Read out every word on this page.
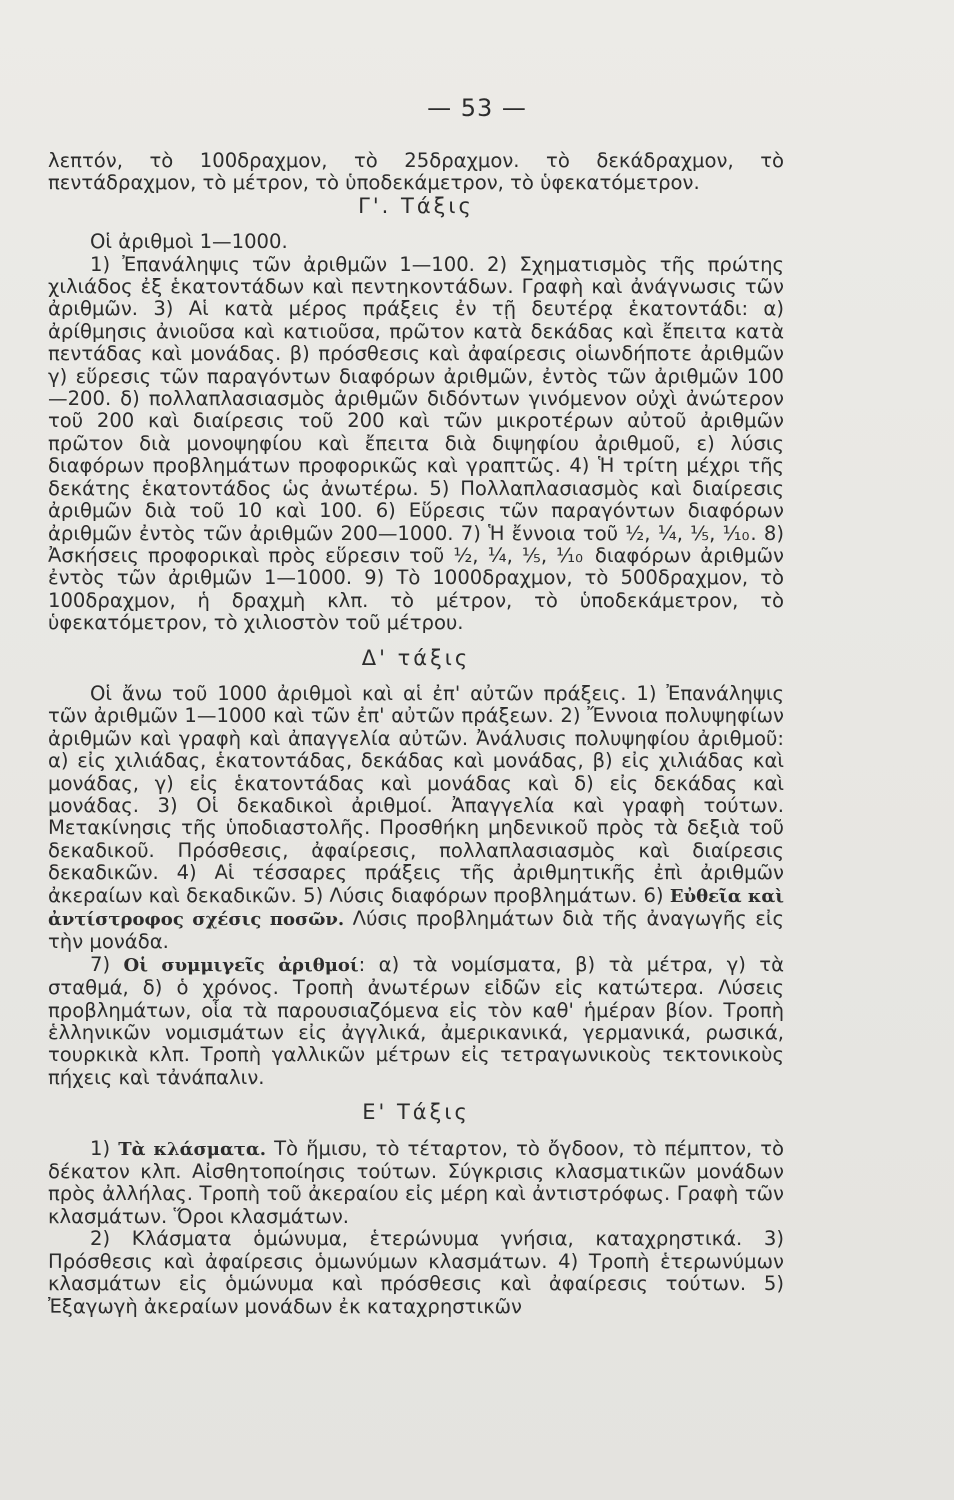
— 53 —

λεπτόν, τὸ 100δραχμον, τὸ 25δραχμον. τὸ δεκάδραχμον, τὸ πεντάδραχμον, τὸ μέτρον, τὸ ὑποδεκάμετρον, τὸ ὑφεκατόμετρον.

Γ'. Τάξις

Οἱ ἀριθμοὶ 1—1000.

1) Ἐπανάληψις τῶν ἀριθμῶν 1—100. 2) Σχηματισμὸς τῆς πρώτης χιλιάδος ἐξ ἑκατοντάδων καὶ πεντηκοντάδων. Γραφὴ καὶ ἀνάγνωσις τῶν ἀριθμῶν. 3) Αἱ κατὰ μέρος πράξεις ἐν τῇ δευτέρᾳ ἑκατοντάδι: α) ἀρίθμησις ἀνιοῦσα καὶ κατιοῦσα, πρῶτον κατὰ δεκάδας καὶ ἔπειτα κατὰ πεντάδας καὶ μονάδας. β) πρόσθεσις καὶ ἀφαίρεσις οἱωνδήποτε ἀριθμῶν γ) εὕρεσις τῶν παραγόντων διαφόρων ἀριθμῶν, ἐντὸς τῶν ἀριθμῶν 100—200. δ) πολλαπλασιασμὸς ἀριθμῶν διδόντων γινόμενον οὐχὶ ἀνώτερον τοῦ 200 καὶ διαίρεσις τοῦ 200 καὶ τῶν μικροτέρων αὐτοῦ ἀριθμῶν πρῶτον διὰ μονοψηφίου καὶ ἔπειτα διὰ διψηφίου ἀριθμοῦ, ε) λύσις διαφόρων προβλημάτων προφορικῶς καὶ γραπτῶς. 4) Ἡ τρίτη μέχρι τῆς δεκάτης ἑκατοντάδος ὡς ἀνωτέρω. 5) Πολλαπλασιασμὸς καὶ διαίρεσις ἀριθμῶν διὰ τοῦ 10 καὶ 100. 6) Εὕρεσις τῶν παραγόντων διαφόρων ἀριθμῶν ἐντὸς τῶν ἀριθμῶν 200—1000. 7) Ἡ ἔννοια τοῦ ½, ¼, ⅕, ⅒. 8) Ἀσκήσεις προφορικαὶ πρὸς εὕρεσιν τοῦ ½, ¼, ⅕, ⅒ διαφόρων ἀριθμῶν ἐντὸς τῶν ἀριθμῶν 1—1000. 9) Τὸ 1000δραχμον, τὸ 500δραχμον, τὸ 100δραχμον, ἡ δραχμὴ κλπ. τὸ μέτρον, τὸ ὑποδεκάμετρον, τὸ ὑφεκατόμετρον, τὸ χιλιοστὸν τοῦ μέτρου.

Δ' τάξις

Οἱ ἄνω τοῦ 1000 ἀριθμοὶ καὶ αἱ ἐπ' αὐτῶν πράξεις. 1) Ἐπανάληψις τῶν ἀριθμῶν 1—1000 καὶ τῶν ἐπ' αὐτῶν πράξεων. 2) Ἔννοια πολυψηφίων ἀριθμῶν καὶ γραφὴ καὶ ἀπαγγελία αὐτῶν. Ἀνάλυσις πολυψηφίου ἀριθμοῦ: α) εἰς χιλιάδας, ἑκατοντάδας, δεκάδας καὶ μονάδας, β) εἰς χιλιάδας καὶ μονάδας, γ) εἰς ἑκατοντάδας καὶ μονάδας καὶ δ) εἰς δεκάδας καὶ μονάδας. 3) Οἱ δεκαδικοὶ ἀριθμοί. Ἀπαγγελία καὶ γραφὴ τούτων. Μετακίνησις τῆς ὑποδιαστολῆς. Προσθήκη μηδενικοῦ πρὸς τὰ δεξιὰ τοῦ δεκαδικοῦ. Πρόσθεσις, ἀφαίρεσις, πολλαπλασιασμὸς καὶ διαίρεσις δεκαδικῶν. 4) Αἱ τέσσαρες πράξεις τῆς ἀριθμητικῆς ἐπὶ ἀριθμῶν ἀκεραίων καὶ δεκαδικῶν. 5) Λύσις διαφόρων προβλημάτων. 6) Εὐθεῖα καὶ ἀντίστροφος σχέσις ποσῶν. Λύσις προβλημάτων διὰ τῆς ἀναγωγῆς εἰς τὴν μονάδα.

7) Οἱ συμμιγεῖς ἀριθμοί: α) τὰ νομίσματα, β) τὰ μέτρα, γ) τὰ σταθμά, δ) ὁ χρόνος. Τροπὴ ἀνωτέρων εἰδῶν εἰς κατώτερα. Λύσεις προβλημάτων, οἷα τὰ παρουσιαζόμενα εἰς τὸν καθ' ἡμέραν βίον. Τροπὴ ἑλληνικῶν νομισμάτων εἰς ἀγγλικά, ἀμερικανικά, γερμανικά, ρωσικά, τουρκικὰ κλπ. Τροπὴ γαλλικῶν μέτρων εἰς τετραγωνικοὺς τεκτονικοὺς πήχεις καὶ τἀνάπαλιν.

Ε' Τάξις

1) Τὰ κλάσματα. Τὸ ἥμισυ, τὸ τέταρτον, τὸ ὄγδοον, τὸ πέμπτον, τὸ δέκατον κλπ. Αἰσθητοποίησις τούτων. Σύγκρισις κλασματικῶν μονάδων πρὸς ἀλλήλας. Τροπὴ τοῦ ἀκεραίου εἰς μέρη καὶ ἀντιστρόφως. Γραφὴ τῶν κλασμάτων. Ὅροι κλασμάτων.

2) Κλάσματα ὁμώνυμα, ἑτερώνυμα γνήσια, καταχρηστικά. 3) Πρόσθεσις καὶ ἀφαίρεσις ὁμωνύμων κλασμάτων. 4) Τροπὴ ἑτερωνύμων κλασμάτων εἰς ὁμώνυμα καὶ πρόσθεσις καὶ ἀφαίρεσις τούτων. 5) Ἐξαγωγὴ ἀκεραίων μονάδων ἐκ καταχρηστικῶν
